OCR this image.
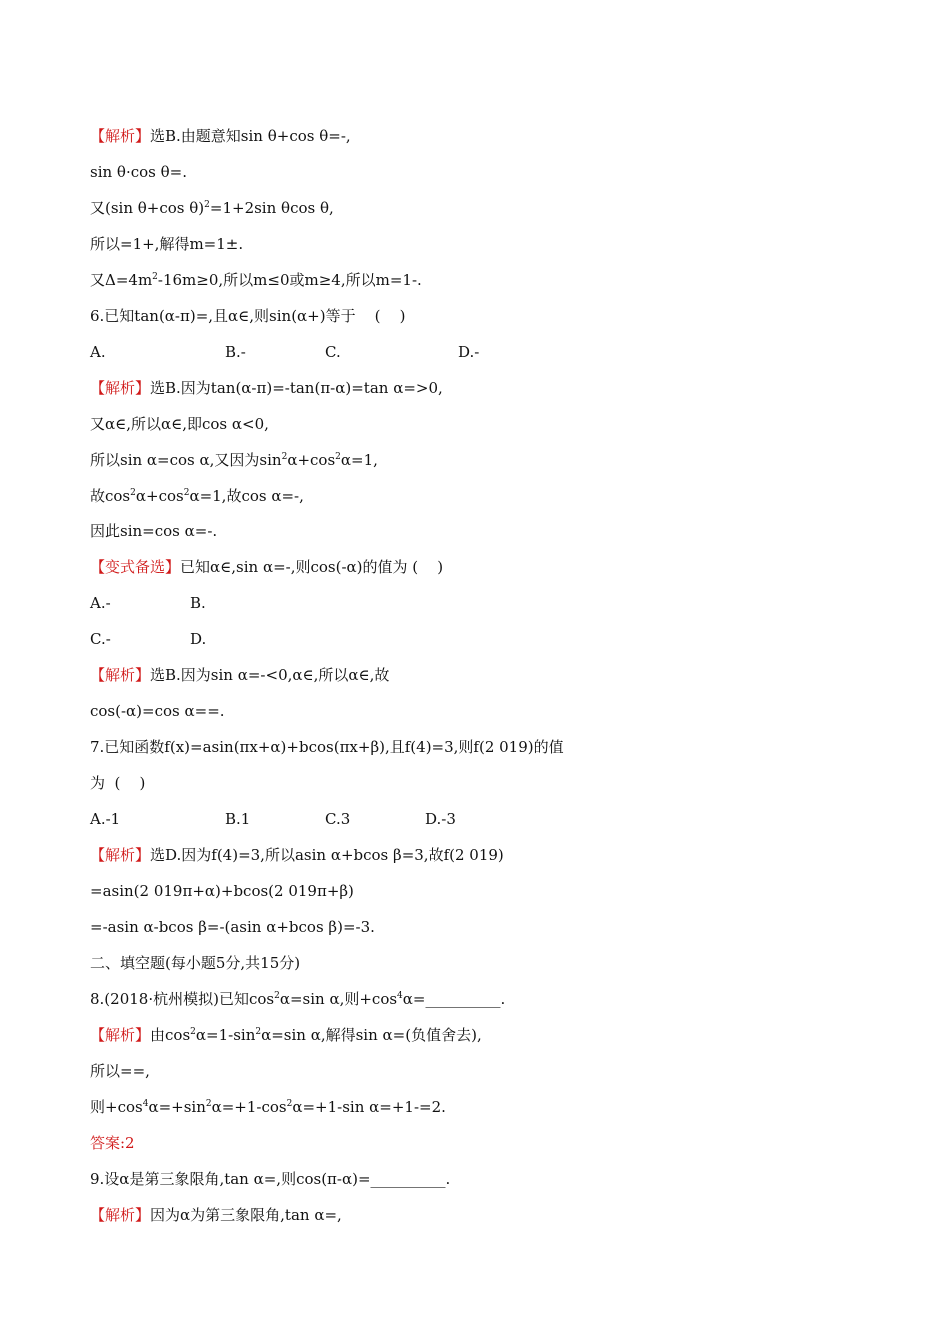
【解析】选B.由题意知sin θ+cos θ=-,
sin θ·cos θ=.
又(sin θ+cos θ)$^2$=1+2sin θcos θ,
所以=1+,解得m=1±.
又$\Delta=4m^2-16m\ge 0$,所以m≤0或m≥4,所以m=1-.
6.已知tan(α-π)=,且α∈,则sin(α+)等于    (    )
A.	B.-	C.	D.-
【解析】选B.因为tan(α-π)=-tan(π-α)=tan α=>0,
又α∈,所以α∈,即cos α<0,
所以sin α=cos α,又因为$\sin^2\alpha+\cos^2\alpha=1$,
故$\cos^2\alpha+\cos^2\alpha=1$,故cos α=-,
因此sin=cos α=-.
【变式备选】已知α∈,sin α=-,则cos(-α)的值为 (    )
A.-	B.
C.-	D.
【解析】选B.因为sin α=-<0,α∈,所以α∈,故
cos(-α)=cos α==.
7.已知函数f(x)=asin(πx+α)+bcos(πx+β),且f(4)=3,则f(2 019)的值
为  (    )
A.-1	B.1	C.3	D.-3
【解析】选D.因为f(4)=3,所以asin α+bcos β=3,故f(2 019)
=asin(2 019π+α)+bcos(2 019π+β)
=-asin α-bcos β=-(asin α+bcos β)=-3.
二、填空题(每小题5分,共15分)
8.(2018·杭州模拟)已知$\cos^2\alpha=\sin$ α,则$+\cos^4\alpha=\_\_\_\_\_\_\_\_\_\_$.
【解析】由$\cos^2\alpha=1-\sin^2\alpha=\sin$ α,解得sin α=(负值舍去),
所以==,
则$+\cos^4\alpha=+\sin^2\alpha=+1-\cos^2\alpha=+1-\sin$ α=+1-=2.
答案:2
9.设α是第三象限角,tan α=,则cos(π-α)=__________.
【解析】因为α为第三象限角,tan α=,
